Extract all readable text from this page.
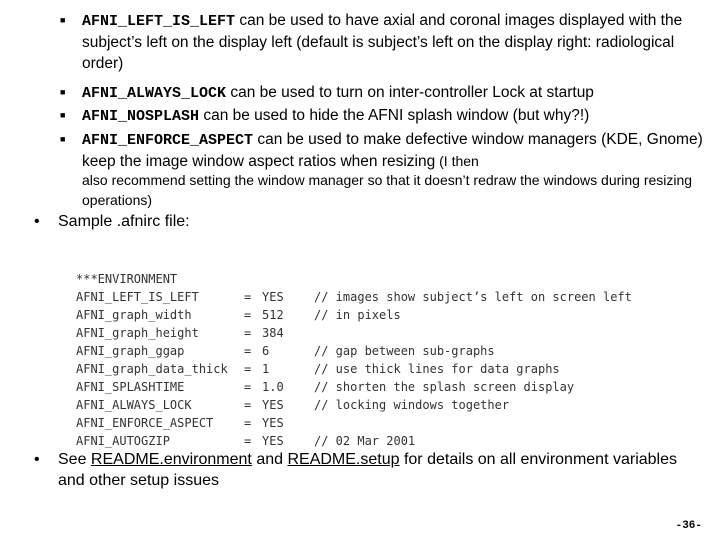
■ AFNI_LEFT_IS_LEFT can be used to have axial and coronal images displayed with the subject’s left on the display left (default is subject’s left on the display right: radiological order)
■ AFNI_ALWAYS_LOCK can be used to turn on inter-controller Lock at startup
■ AFNI_NOSPLASH can be used to hide the AFNI splash window (but why?!)
■ AFNI_ENFORCE_ASPECT can be used to make defective window managers (KDE, Gnome) keep the image window aspect ratios when resizing (I then
also recommend setting the window manager so that it doesn’t redraw the windows during resizing operations)
• Sample .afnirc file:
***ENVIRONMENT
AFNI_LEFT_IS_LEFT	= YES	// images show subject’s left on screen left
AFNI_graph_width	= 512	// in pixels
AFNI_graph_height	= 384
AFNI_graph_ggap	= 6	// gap between sub-graphs
AFNI_graph_data_thick = 1	// use thick lines for data graphs
AFNI_SPLASHTIME	= 1.0	// shorten the splash screen display
AFNI_ALWAYS_LOCK	= YES	// locking windows together
AFNI_ENFORCE_ASPECT	= YES
AFNI_AUTOGZIP	= YES	// 02 Mar 2001
• See README.environment and README.setup for details on all environment variables and other setup issues
-36-
